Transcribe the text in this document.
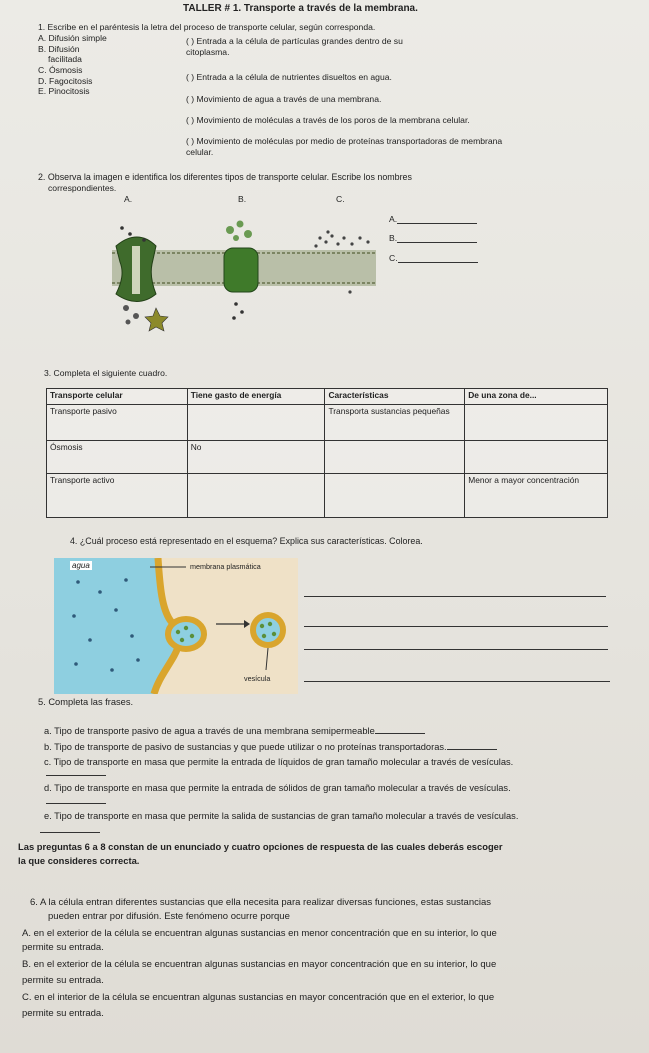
TALLER # 1. Transporte a través de la membrana.
1. Escribe en el paréntesis la letra del proceso de transporte celular, según corresponda.
A. Difusión simple
B. Difusión
facilitada
C. Ósmosis
D. Fagocitosis
E. Pinocitosis
( ) Entrada a la célula de partículas grandes dentro de su
citoplasma.
( ) Entrada a la célula de nutrientes disueltos en agua.
( ) Movimiento de agua a través de una membrana.
( ) Movimiento de moléculas a través de los poros de la membrana celular.
( ) Movimiento de moléculas por medio de proteínas transportadoras de membrana
celular.
2. Observa la imagen e identifica los diferentes tipos de transporte celular. Escribe los nombres
correspondientes.
A.	B.	C.
A.
B.
C.
3. Completa el siguiente cuadro.
Transporte celular	Tiene gasto de energía	Características	De una zona de...
Transporte pasivo		Transporta sustancias pequeñas	
Ósmosis	No		
Transporte activo			Menor a mayor concentración
4. ¿Cuál proceso está representado en el esquema? Explica sus características. Colorea.
agua	membrana plasmática
vesícula
5. Completa las frases.
a. Tipo de transporte pasivo de agua a través de una membrana semipermeable
b. Tipo de transporte de pasivo de sustancias y que puede utilizar o no proteínas transportadoras.
c. Tipo de transporte en masa que permite la entrada de líquidos de gran tamaño molecular a través de vesículas.
d. Tipo de transporte en masa que permite la entrada de sólidos de gran tamaño molecular a través de vesículas.
e. Tipo de transporte en masa que permite la salida de sustancias de gran tamaño molecular a través de vesículas.
Las preguntas 6 a 8 constan de un enunciado y cuatro opciones de respuesta de las cuales deberás escoger
la que consideres correcta.
6. A la célula entran diferentes sustancias que ella necesita para realizar diversas funciones, estas sustancias
pueden entrar por difusión. Este fenómeno ocurre porque
A. en el exterior de la célula se encuentran algunas sustancias en menor concentración que en su interior, lo que
permite su entrada.
B. en el exterior de la célula se encuentran algunas sustancias en mayor concentración que en su interior, lo que
permite su entrada.
C. en el interior de la célula se encuentran algunas sustancias en mayor concentración que en el exterior, lo que
permite su entrada.
